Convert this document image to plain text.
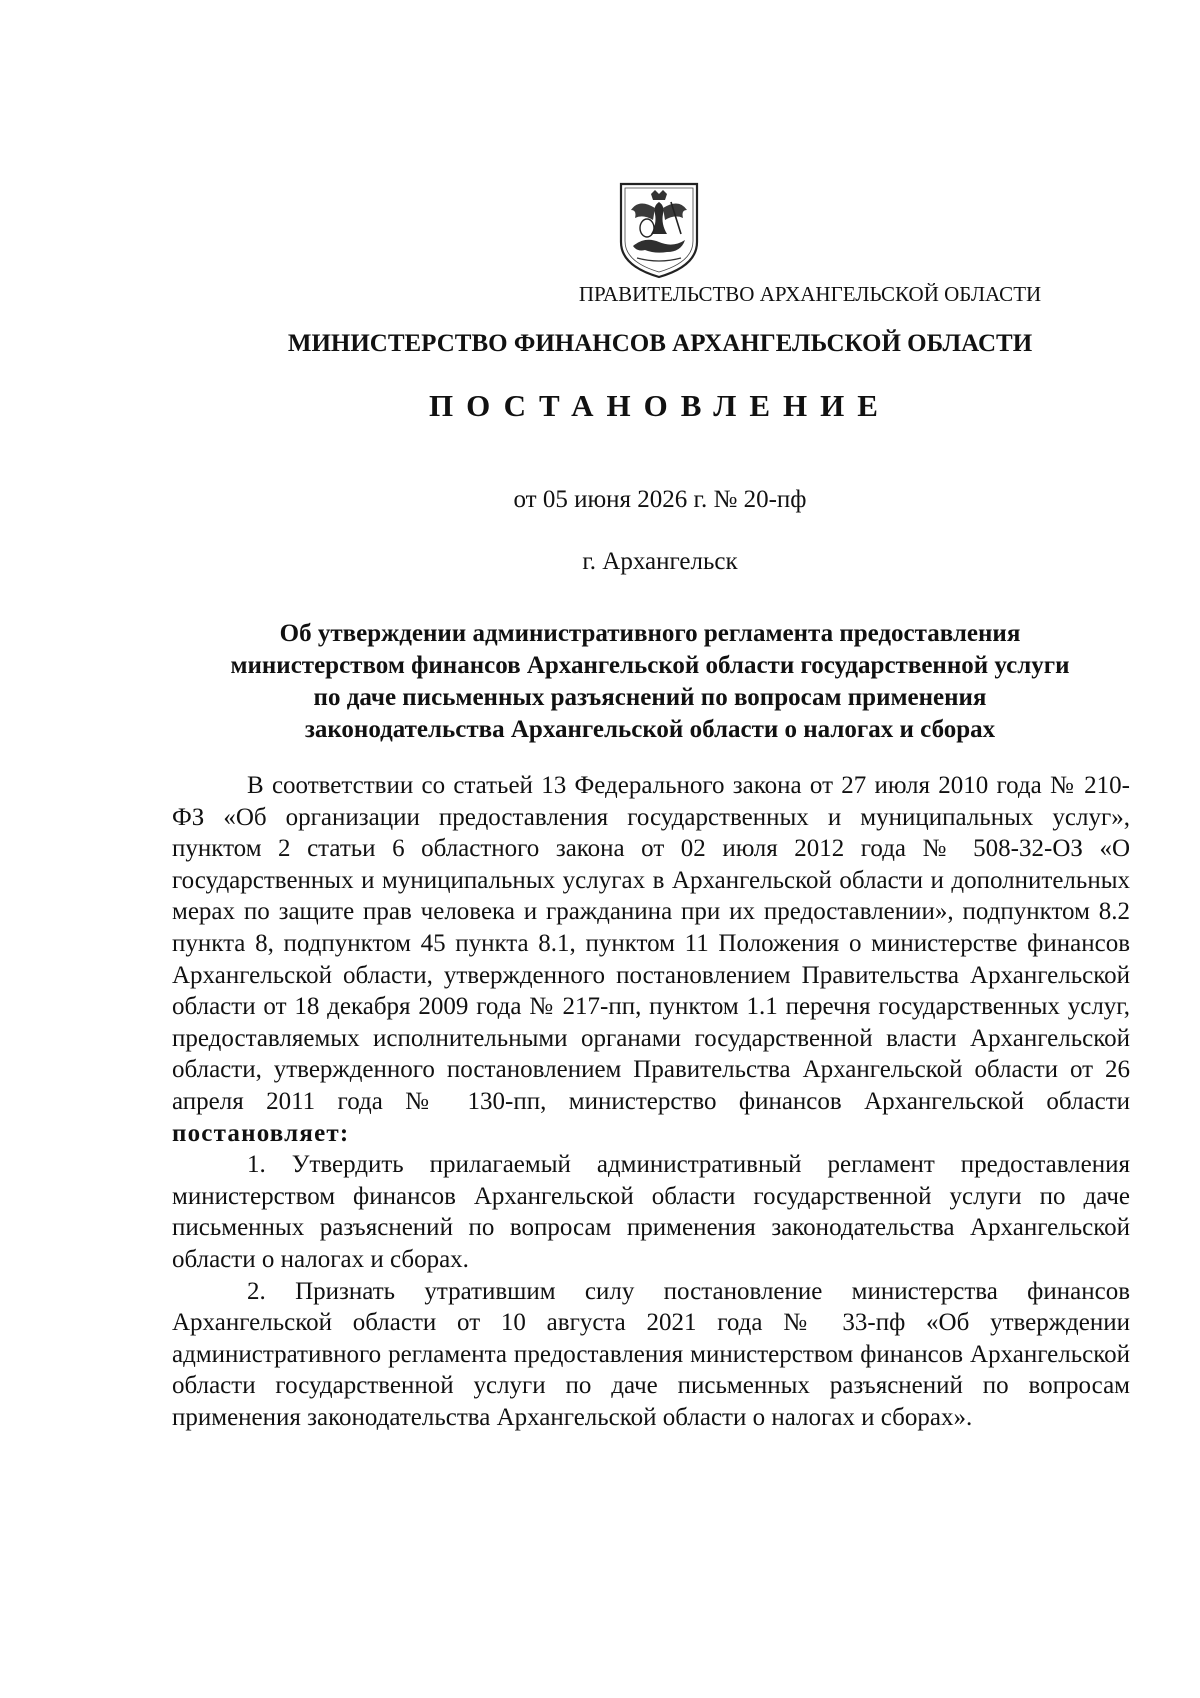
ПРАВИТЕЛЬСТВО АРХАНГЕЛЬСКОЙ ОБЛАСТИ
МИНИСТЕРСТВО ФИНАНСОВ АРХАНГЕЛЬСКОЙ ОБЛАСТИ
ПОСТАНОВЛЕНИЕ
от 05 июня 2026 г. № 20-пф
г. Архангельск
Об утверждении административного регламента предоставления
министерством финансов Архангельской области государственной услуги
по даче письменных разъяснений по вопросам применения
законодательства Архангельской области о налогах и сборах

В соответствии со статьей 13 Федерального закона от 27 июля 2010 года № 210-ФЗ «Об организации предоставления государственных и муниципальных услуг», пунктом 2 статьи 6 областного закона от 02 июля 2012 года № 508-32-ОЗ «О государственных и муниципальных услугах в Архангельской области и дополнительных мерах по защите прав человека и гражданина при их предоставлении», подпунктом 8.2 пункта 8, подпунктом 45 пункта 8.1, пунктом 11 Положения о министерстве финансов Архангельской области, утвержденного постановлением Правительства Архангельской области от 18 декабря 2009 года № 217-пп, пунктом 1.1 перечня государственных услуг, предоставляемых исполнительными органами государственной власти Архангельской области, утвержденного постановлением Правительства Архангельской области от 26 апреля 2011 года № 130-пп, министерство финансов Архангельской области постановляет:

1. Утвердить прилагаемый административный регламент предоставления министерством финансов Архангельской области государственной услуги по даче письменных разъяснений по вопросам применения законодательства Архангельской области о налогах и сборах.

2. Признать утратившим силу постановление министерства финансов Архангельской области от 10 августа 2021 года № 33-пф «Об утверждении административного регламента предоставления министерством финансов Архангельской области государственной услуги по даче письменных разъяснений по вопросам применения законодательства Архангельской области о налогах и сборах».
